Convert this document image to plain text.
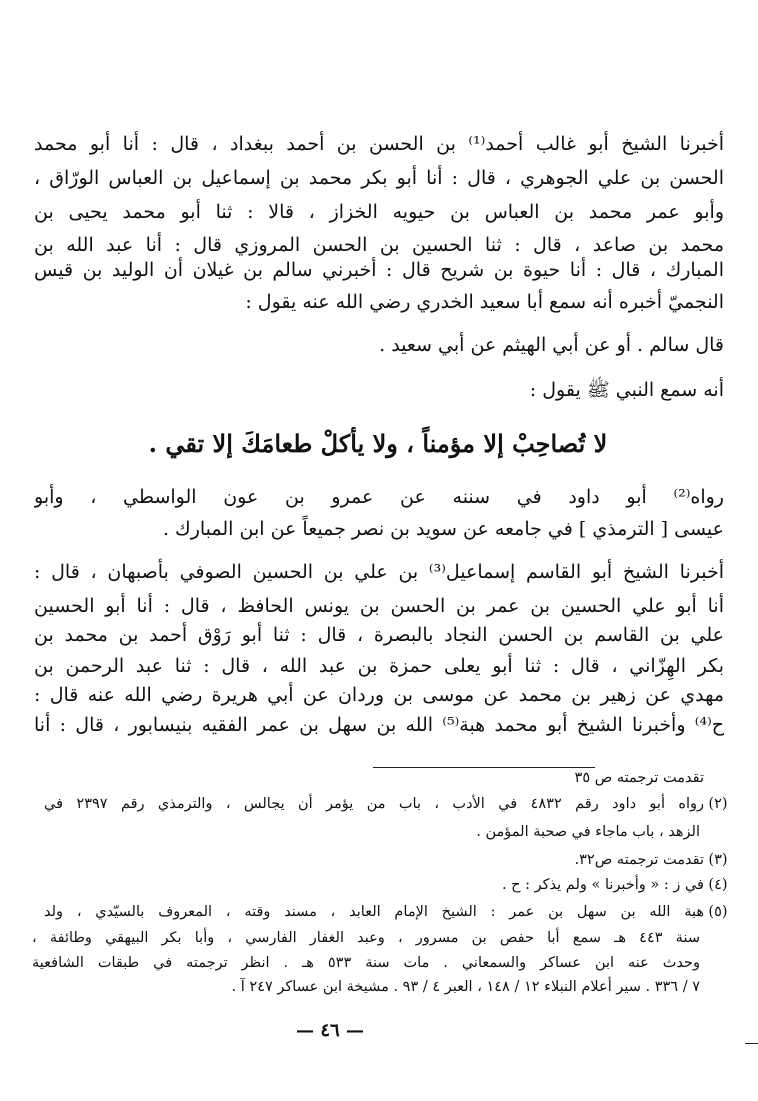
أخبرنا الشيخ أبو غالب أحمد⁽¹⁾ بن الحسن بن أحمد ببغداد ، قال : أنا أبو محمد
الحسن بن علي الجوهري ، قال : أنا أبو بكر محمد بن إسماعيل بن العباس الورّاق ،
وأبو عمر محمد بن العباس بن حيويه الخزاز ، قالا : ثنا أبو محمد يحيى بن
محمد بن صاعد ، قال : ثنا الحسين بن الحسن المروزي قال : أنا عبد الله بن
المبارك ، قال : أنا حيوة بن شريح قال : أخبرني سالم بن غيلان أن الوليد بن قيس
النجميّ أخبره أنه سمع أبا سعيد الخدري رضي الله عنه يقول :
قال سالم . أو عن أبي الهيثم عن أبي سعيد .
أنه سمع النبي ﷺ يقول :
لا تُصاحِبْ إلا مؤمناً ، ولا يأكلْ طعامَكَ إلا تقي .
رواه⁽²⁾ أبو داود في سننه عن عمرو بن عون الواسطي ، وأبو
عيسى [ الترمذي ] في جامعه عن سويد بن نصر جميعاً عن ابن المبارك .
أخبرنا الشيخ أبو القاسم إسماعيل⁽³⁾ بن علي بن الحسين الصوفي بأصبهان ، قال :
أنا أبو علي الحسين بن عمر بن الحسن بن يونس الحافظ ، قال : أنا أبو الحسين
علي بن القاسم بن الحسن النجاد بالبصرة ، قال : ثنا أبو رَوْق أحمد بن محمد بن
بكر الهِزّاني ، قال : ثنا أبو يعلى حمزة بن عبد الله ، قال : ثنا عبد الرحمن بن
مهدي عن زهير بن محمد عن موسى بن وردان عن أبي هريرة رضي الله عنه قال :
ح⁽⁴⁾ وأخبرنا الشيخ أبو محمد هبة⁽⁵⁾ الله بن سهل بن عمر الفقيه بنيسابور ، قال : أنا
تقدمت ترجمته ص ٣٥
(٢)رواه أبو داود رقم ٤٨٣٢ في الأدب ، باب من يؤمر أن يجالس ، والترمذي رقم ٢٣٩٧ في
الزهد ، باب ماجاء في صحبة المؤمن .
(٣)تقدمت ترجمته ص٣٢.
(٤)في ز : « وأخبرنا » ولم يذكر : ح .
(٥)هبة الله بن سهل بن عمر : الشيخ الإمام العابد ، مسند وقته ، المعروف بالسيّدي ، ولد
سنة ٤٤٣ هـ سمع أبا حفص بن مسرور ، وعبد الغفار الفارسي ، وأبا بكر البيهقي وطائفة ،
وحدث عنه ابن عساكر والسمعاني . مات سنة ٥٣٣ هـ . انظر ترجمته في طبقات الشافعية
٧ / ٣٣٦ . سير أعلام النبلاء ١٢ / ١٤٨ ، العبر ٤ / ٩٣ . مشيخة ابن عساكر ٢٤٧ آ .
— ٤٦ —
